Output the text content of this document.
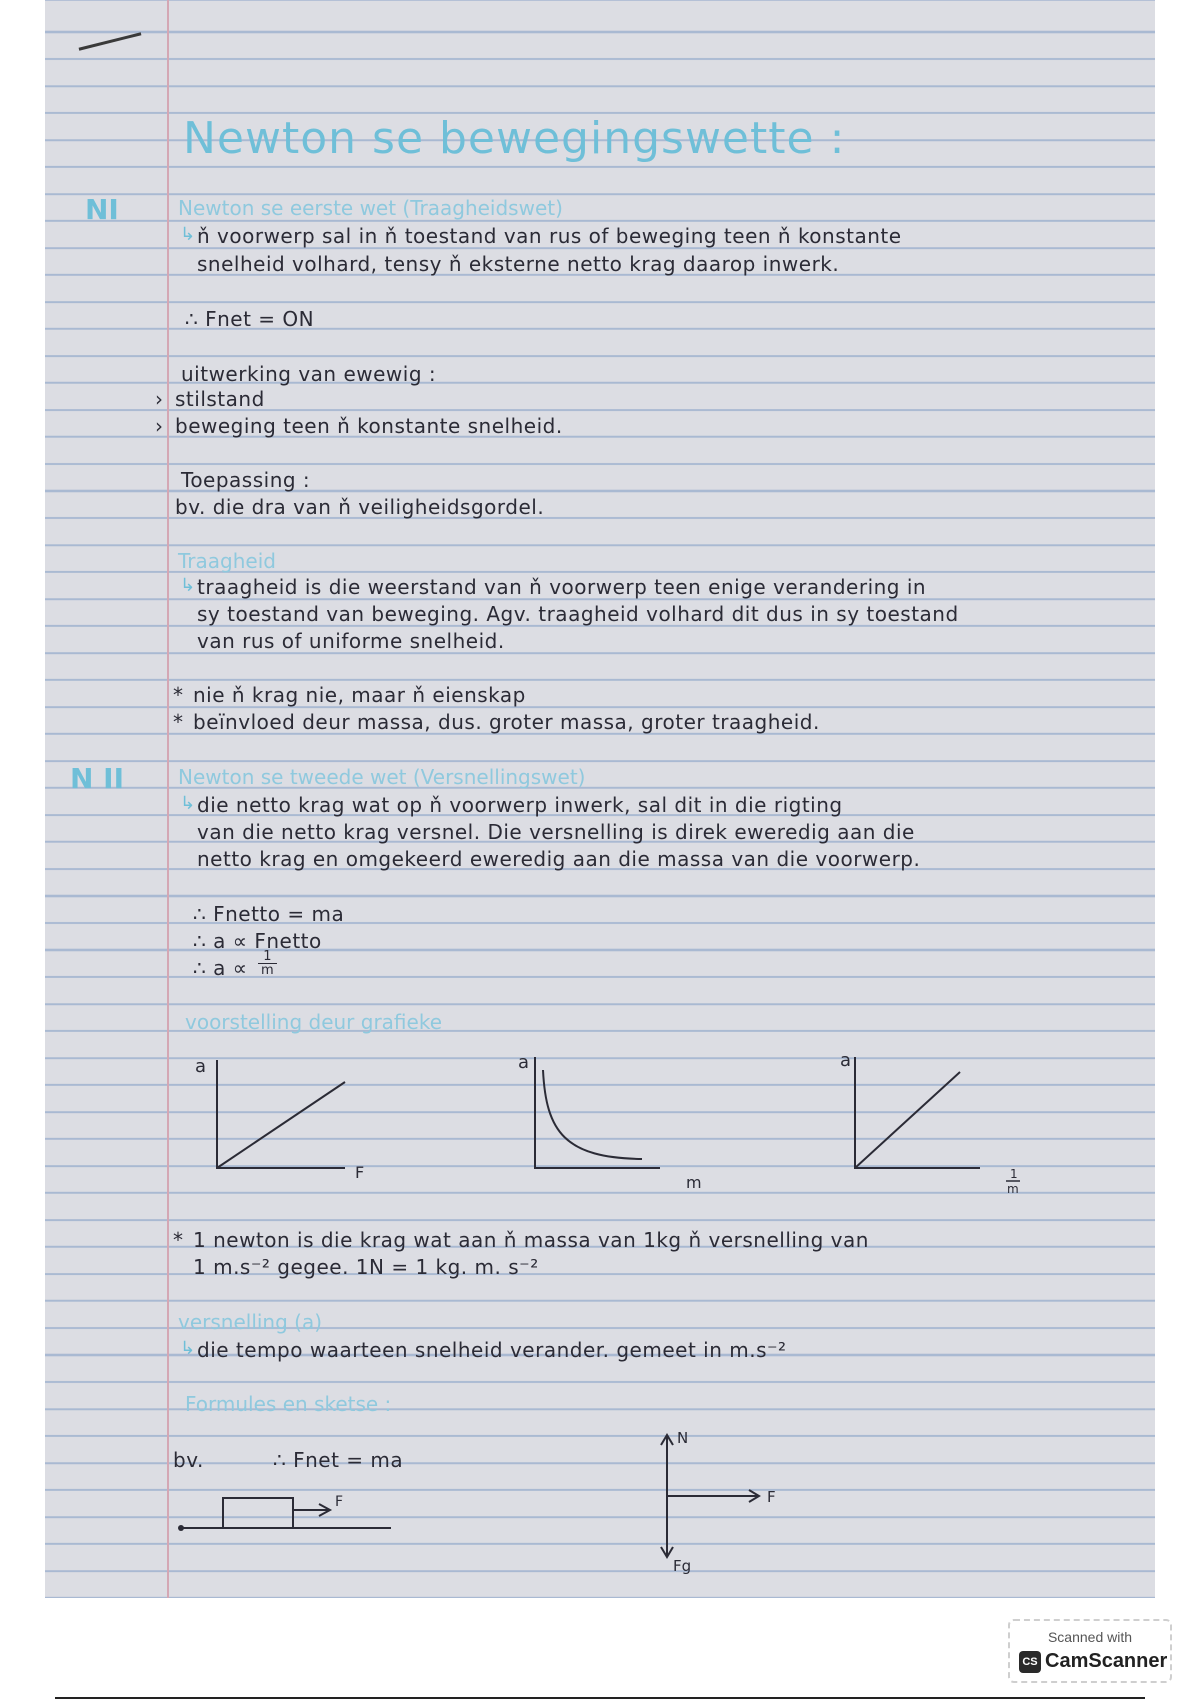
Newton se bewegingswette :
NI	Newton se eerste wet (Traagheidswet)
↳ ň voorwerp sal in ň toestand van rus of beweging teen ň konstante
snelheid volhard, tensy ň eksterne netto krag daarop inwerk.
∴ Fnet = ON
uitwerking van ewewig :
› stilstand
› beweging teen ň konstante snelheid.
Toepassing :
bv. die dra van ň veiligheidsgordel.
Traagheid
↳ traagheid is die weerstand van ň voorwerp teen enige verandering in
sy toestand van beweging. Agv. traagheid volhard dit dus in sy toestand
van rus of uniforme snelheid.
* nie ň krag nie, maar ň eienskap
* beïnvloed deur massa, dus. groter massa, groter traagheid.
N II	Newton se tweede wet (Versnellingswet)
↳ die netto krag wat op ň voorwerp inwerk, sal dit in die rigting
van die netto krag versnel. Die versnelling is direk eweredig aan die
netto krag en omgekeerd eweredig aan die massa van die voorwerp.
∴ Fnetto = ma
∴ a ∝ Fnetto
∴ $a \propto \frac{1}{m}$
voorstelling deur grafieke
a
F
a
m
a
1
m
* 1 newton is die krag wat aan ň massa van 1kg ň versnelling van
1 m.s⁻² gegee. 1N = 1 kg. m. s⁻²
versnelling (a)
↳ die tempo waarteen snelheid verander. gemeet in m.s⁻²
Formules en sketse :
bv.	∴ Fnet = ma
F
N
F
Fg
Scanned with
CS CamScanner
